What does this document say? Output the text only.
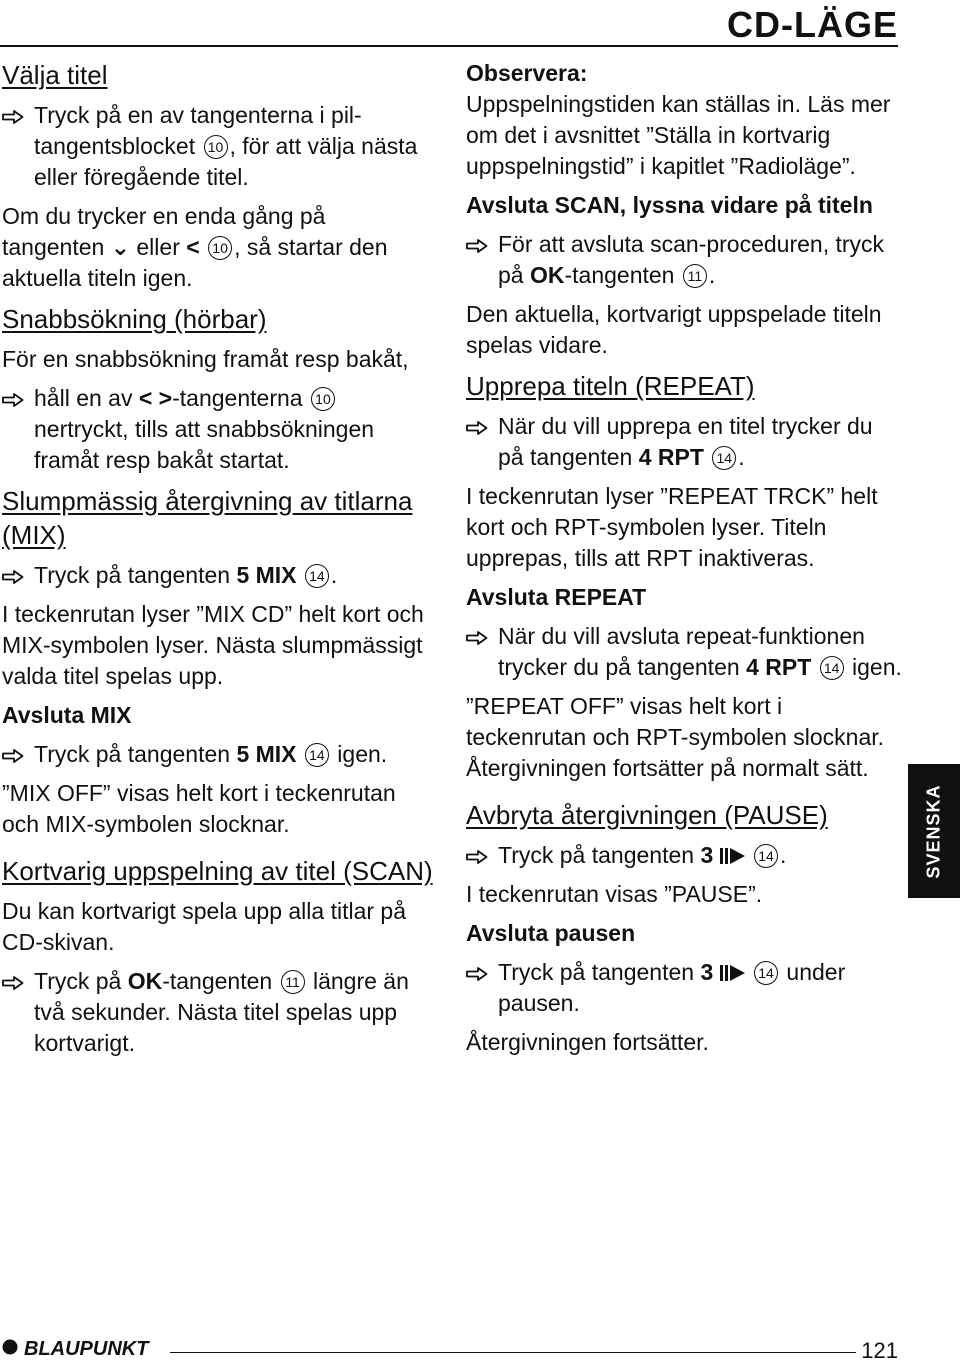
CD-LÄGE
Välja titel
Tryck på en av tangenterna i pil-tangentsblocket 10 , för att välja nästa eller föregående titel.

Om du trycker en enda gång på tangenten ⌄ eller < 10 , så startar den aktuella titeln igen.

Snabbsökning (hörbar)

För en snabbsökning framåt resp bakåt,

håll en av < >-tangenterna 10 nertryckt, tills att snabbsökningen framåt resp bakåt startat.
Slumpmässig återgivning av titlarna (MIX)
Tryck på tangenten 5 MIX 14 .

I teckenrutan lyser ”MIX CD” helt kort och MIX-symbolen lyser. Nästa slumpmässigt valda titel spelas upp.

Avsluta MIX
Tryck på tangenten 5 MIX 14 igen.

”MIX OFF” visas helt kort i teckenrutan och MIX-symbolen slocknar.

Kortvarig uppspelning av titel (SCAN)

Du kan kortvarigt spela upp alla titlar på CD-skivan.

Tryck på OK-tangenten 11 längre än två sekunder. Nästa titel spelas upp kortvarigt.
Observera:

Uppspelningstiden kan ställas in. Läs mer om det i avsnittet ”Ställa in kortvarig uppspelningstid” i kapitlet ”Radioläge”.

Avsluta SCAN, lyssna vidare på titeln
För att avsluta scan-proceduren, tryck på OK-tangenten 11 .

Den aktuella, kortvarigt uppspelade titeln spelas vidare.

Upprepa titeln (REPEAT)
När du vill upprepa en titel trycker du på tangenten 4 RPT 14 .

I teckenrutan lyser ”REPEAT TRCK” helt kort och RPT-symbolen lyser. Titeln upprepas, tills att RPT inaktiveras.

Avsluta REPEAT
När du vill avsluta repeat-funktionen trycker du på tangenten 4 RPT 14 igen.

”REPEAT OFF” visas helt kort i teckenrutan och RPT-symbolen slocknar. Återgivningen fortsätter på normalt sätt.

Avbryta återgivningen (PAUSE)
Tryck på tangenten 3	14 .

I teckenrutan visas ”PAUSE”.

Avsluta pausen
Tryck på tangenten 3	14 under pausen.

Återgivningen fortsätter.

SVENSKA
BLAUPUNKT	121
